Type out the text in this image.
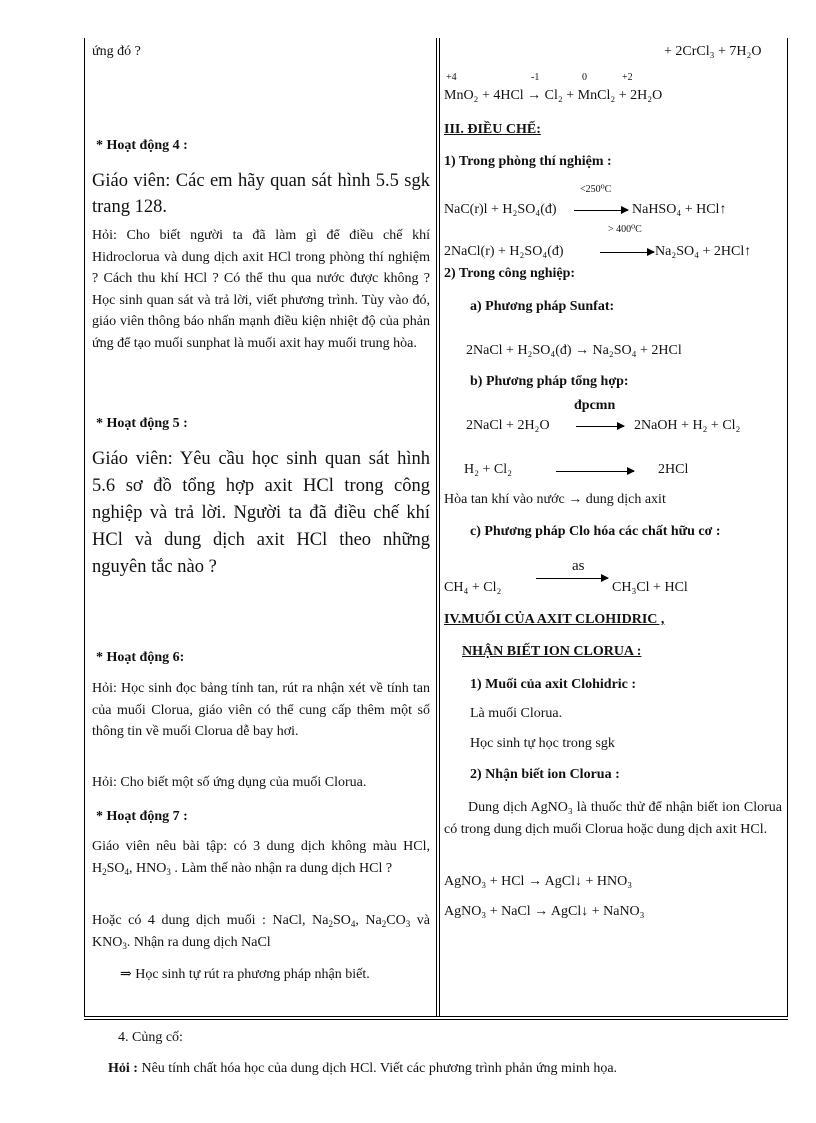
ứng đó ?
* Hoạt động 4 :
Giáo viên: Các em hãy quan sát hình 5.5 sgk trang 128.
Hỏi: Cho biết người ta đã làm gì để điều chế khí Hidroclorua và dung dịch axit HCl trong phòng thí nghiệm ? Cách thu khí HCl ? Có thể thu qua nước được không ? Học sinh quan sát và trả lời, viết phương trình. Tùy vào đó, giáo viên thông báo nhấn mạnh điều kiện nhiệt độ của phản ứng để tạo muối sunphat là muối axit hay muối trung hòa.
* Hoạt động 5 :
Giáo viên: Yêu cầu học sinh quan sát hình 5.6 sơ đồ tổng hợp axit HCl trong công nghiệp và trả lời. Người ta đã điều chế khí HCl và dung dịch axit HCl theo những nguyên tắc nào ?
* Hoạt động 6:
Hỏi: Học sinh đọc bảng tính tan, rút ra nhận xét về tính tan của muối Clorua, giáo viên có thể cung cấp thêm một số thông tin về muối Clorua dễ bay hơi.
Hỏi: Cho biết một số ứng dụng của muối Clorua.
* Hoạt động 7 :
Giáo viên nêu bài tập: có 3 dung dịch không màu HCl, $H_2SO_4$, $HNO_3$ . Làm thế nào nhận ra dung dịch HCl ?
Hoặc có 4 dung dịch muối : NaCl, $Na_2SO_4$, $Na_2CO_3$ và $KNO_3$. Nhận ra dung dịch NaCl
⇒ Học sinh tự rút ra phương pháp nhận biết.
+ 2CrCl₃ + 7H₂O
+4	-1	0	+2
MnO₂ + 4HCl → Cl₂ + MnCl₂ + 2H₂O
III. ĐIỀU CHẾ:
1) Trong phòng thí nghiệm :
<250⁰C
NaC(r)l + H₂SO₄(đ)	NaHSO₄ + HCl↑
> 400⁰C
2NaCl(r) + H₂SO₄(đ)	Na₂SO₄ + 2HCl↑
2) Trong công nghiệp:
a) Phương pháp Sunfat:
2NaCl + H₂SO₄(đ) → Na₂SO₄ + 2HCl
b) Phương pháp tổng hợp:
đpcmn
2NaCl + 2H₂O	2NaOH + H₂ + Cl₂
H₂ + Cl₂	2HCl
Hòa tan khí vào nước → dung dịch axit
c) Phương pháp Clo hóa các chất hữu cơ :
as
CH₄ + Cl₂	CH₃Cl + HCl
IV.MUỐI CỦA AXIT CLOHIDRIC ,
NHẬN BIẾT ION CLORUA :
1) Muối của axit Clohidric :
Là muối Clorua.
Học sinh tự học trong sgk
2) Nhận biết ion Clorua :
Dung dịch AgNO₃ là thuốc thử để nhận biết ion Clorua có trong dung dịch muối Clorua hoặc dung dịch axit HCl.
AgNO₃ + HCl → AgCl↓ + HNO₃
AgNO₃ + NaCl → AgCl↓ + NaNO₃
4. Củng cố:
Hỏi : Nêu tính chất hóa học của dung dịch HCl. Viết các phương trình phản ứng minh họa.
